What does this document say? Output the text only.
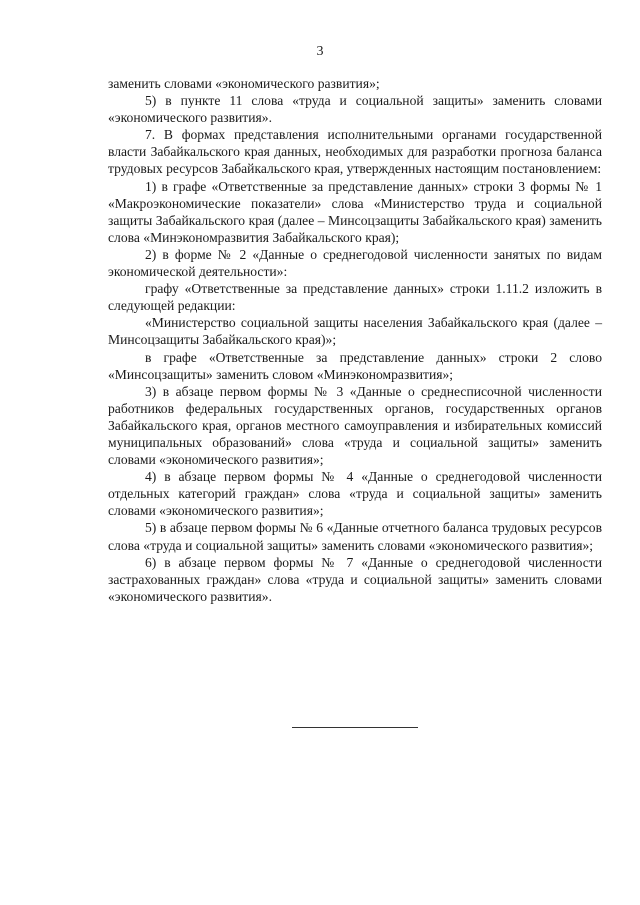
3

заменить словами «экономического развития»;

5) в пункте 11 слова «труда и социальной защиты» заменить словами «экономического развития».

7. В формах представления исполнительными органами государственной власти Забайкальского края данных, необходимых для разработки прогноза баланса трудовых ресурсов Забайкальского края, утвержденных настоящим постановлением:

1) в графе «Ответственные за представление данных» строки 3 формы № 1 «Макроэкономические показатели» слова «Министерство труда и социальной защиты Забайкальского края (далее – Минсоцзащиты Забайкальского края) заменить слова «Минэкономразвития Забайкальского края);

2) в форме № 2 «Данные о среднегодовой численности занятых по видам экономической деятельности»:

графу «Ответственные за представление данных» строки 1.11.2 изложить в следующей редакции:

«Министерство социальной защиты населения Забайкальского края (далее – Минсоцзащиты Забайкальского края)»;

в графе «Ответственные за представление данных» строки 2 слово «Минсоцзащиты» заменить словом «Минэкономразвития»;

3) в абзаце первом формы № 3 «Данные о среднесписочной численности работников федеральных государственных органов, государственных органов Забайкальского края, органов местного самоуправления и избирательных комиссий муниципальных образований» слова «труда и социальной защиты» заменить словами «экономического развития»;

4) в абзаце первом формы № 4 «Данные о среднегодовой численности отдельных категорий граждан» слова «труда и социальной защиты» заменить словами «экономического развития»;

5) в абзаце первом формы № 6 «Данные отчетного баланса трудовых ресурсов слова «труда и социальной защиты» заменить словами «экономического развития»;

6) в абзаце первом формы № 7 «Данные о среднегодовой численности застрахованных граждан» слова «труда и социальной защиты» заменить словами «экономического развития».
